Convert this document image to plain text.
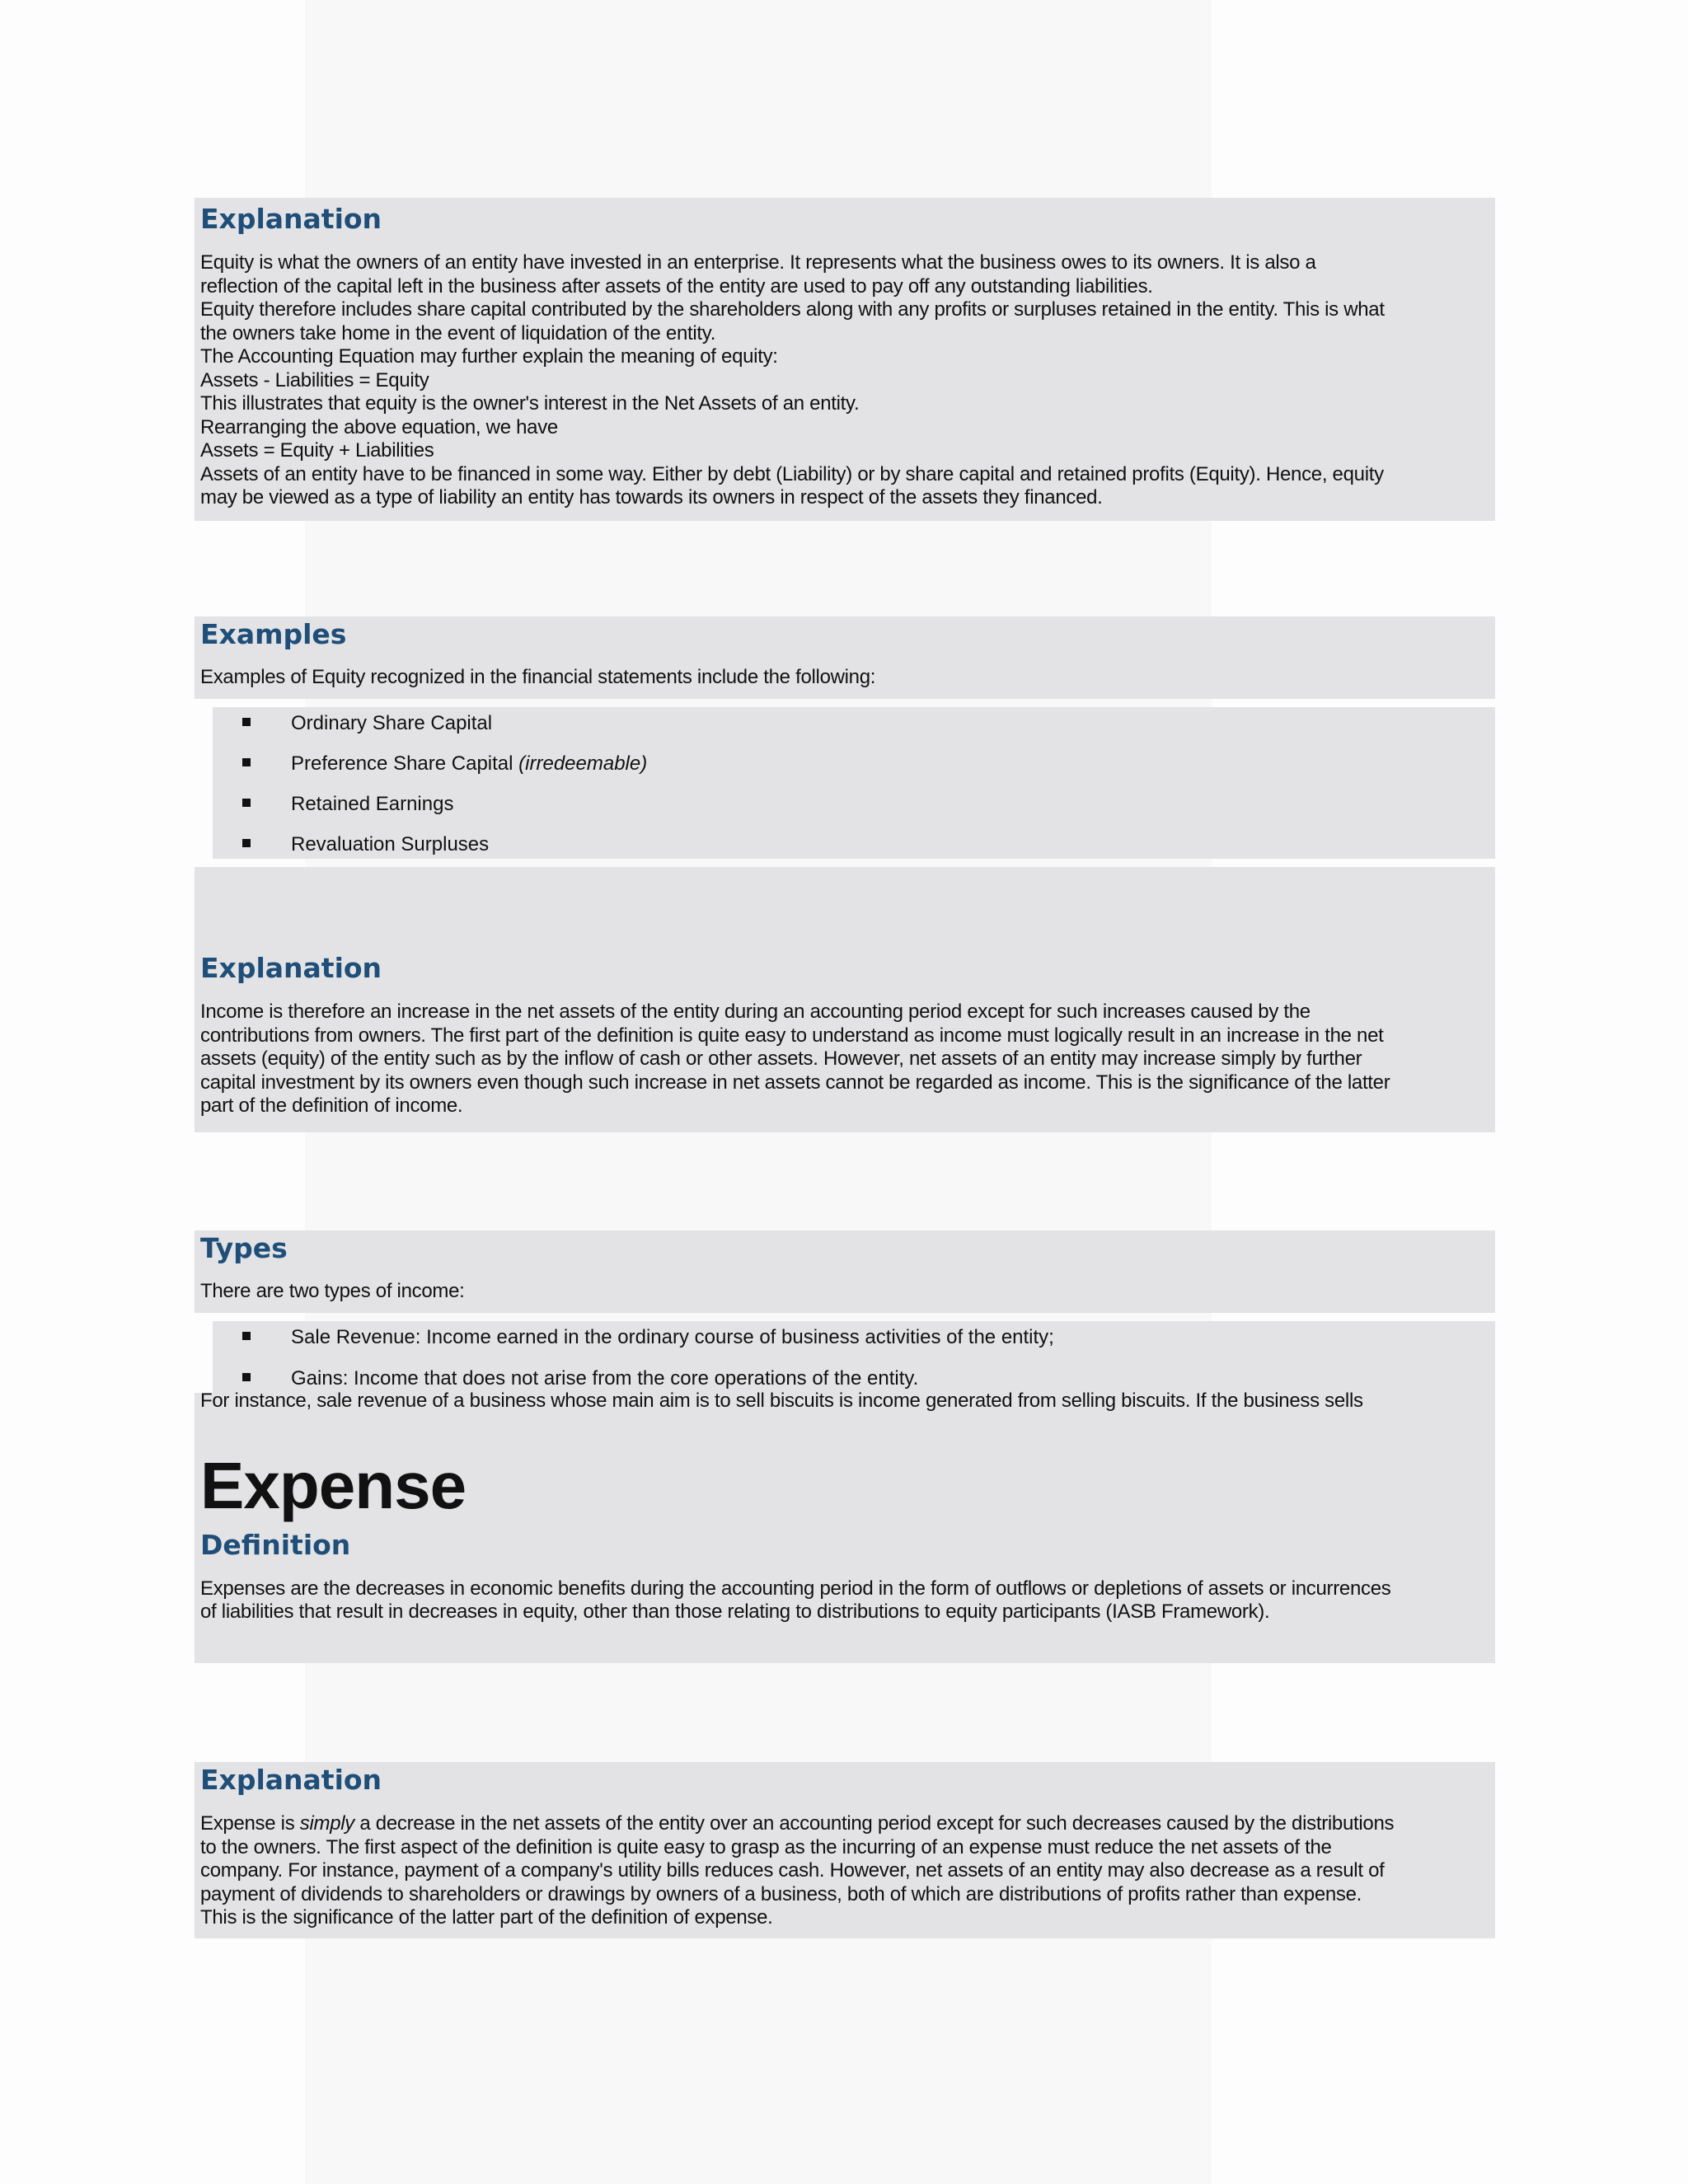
Explanation
Equity is what the owners of an entity have invested in an enterprise. It represents what the business owes to its owners. It is also a
reflection of the capital left in the business after assets of the entity are used to pay off any outstanding liabilities.
Equity therefore includes share capital contributed by the shareholders along with any profits or surpluses retained in the entity. This is what
the owners take home in the event of liquidation of the entity.
The Accounting Equation may further explain the meaning of equity:
Assets - Liabilities = Equity
This illustrates that equity is the owner's interest in the Net Assets of an entity.
Rearranging the above equation, we have
Assets = Equity + Liabilities
Assets of an entity have to be financed in some way. Either by debt (Liability) or by share capital and retained profits (Equity). Hence, equity
may be viewed as a type of liability an entity has towards its owners in respect of the assets they financed.
Examples

Examples of Equity recognized in the financial statements include the following:

Ordinary Share Capital
Preference Share Capital (irredeemable)
Retained Earnings
Revaluation Surpluses
Explanation
Income is therefore an increase in the net assets of the entity during an accounting period except for such increases caused by the
contributions from owners. The first part of the definition is quite easy to understand as income must logically result in an increase in the net
assets (equity) of the entity such as by the inflow of cash or other assets. However, net assets of an entity may increase simply by further
capital investment by its owners even though such increase in net assets cannot be regarded as income. This is the significance of the latter
part of the definition of income.
Types

There are two types of income:

Sale Revenue: Income earned in the ordinary course of business activities of the entity;
Gains: Income that does not arise from the core operations of the entity.

For instance, sale revenue of a business whose main aim is to sell biscuits is income generated from selling biscuits. If the business sells

Expense
Definition
Expenses are the decreases in economic benefits during the accounting period in the form of outflows or depletions of assets or incurrences
of liabilities that result in decreases in equity, other than those relating to distributions to equity participants (IASB Framework).
Explanation
Expense is simply a decrease in the net assets of the entity over an accounting period except for such decreases caused by the distributions
to the owners. The first aspect of the definition is quite easy to grasp as the incurring of an expense must reduce the net assets of the
company. For instance, payment of a company's utility bills reduces cash. However, net assets of an entity may also decrease as a result of
payment of dividends to shareholders or drawings by owners of a business, both of which are distributions of profits rather than expense.
This is the significance of the latter part of the definition of expense.
